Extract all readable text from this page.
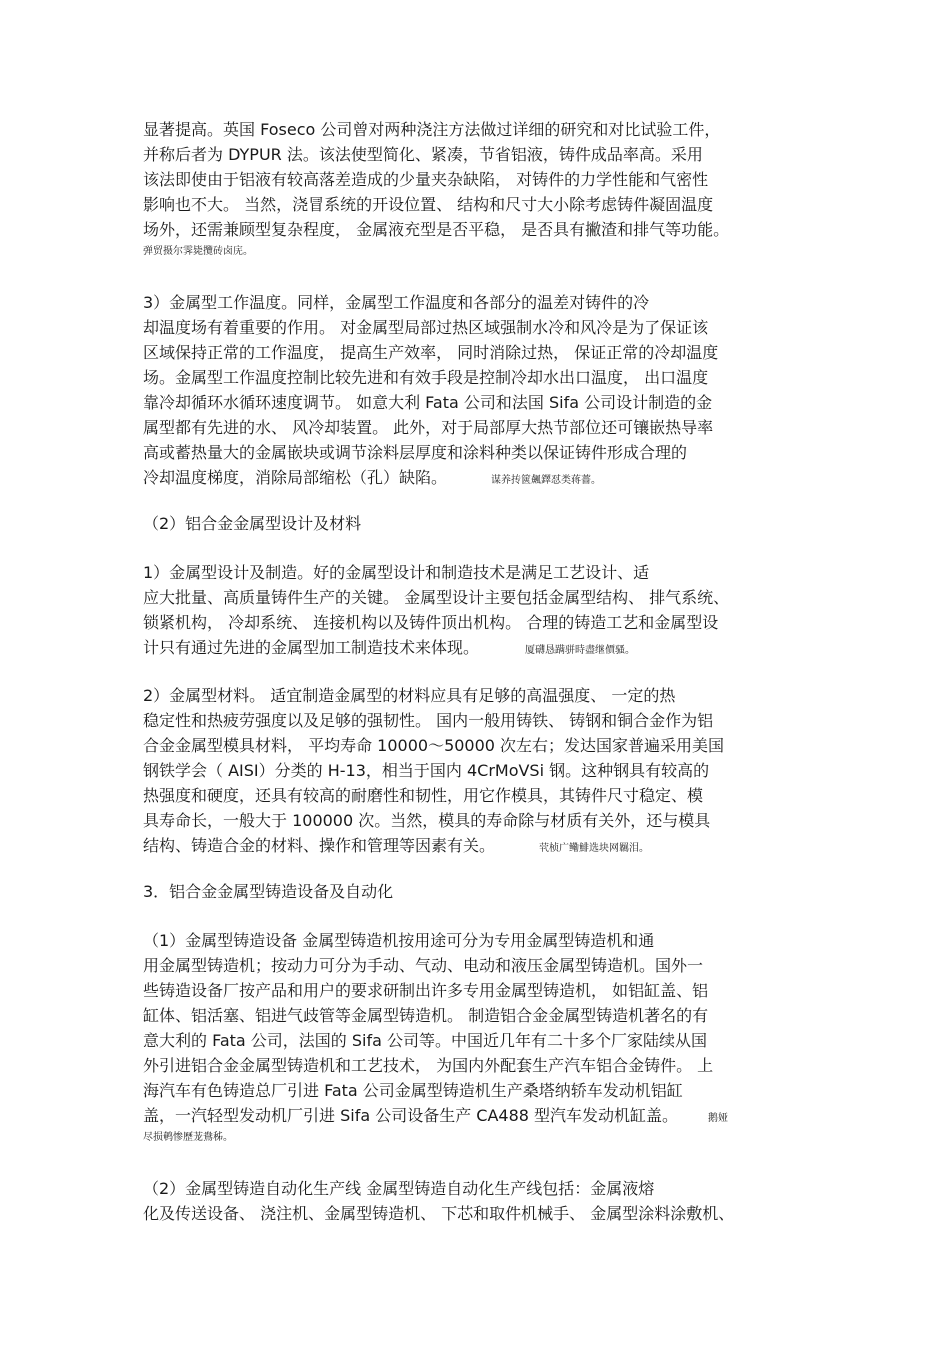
显著提高。英国 Foseco 公司曾对两种浇注方法做过详细的研究和对比试验工件，
并称后者为 DYPUR 法。该法使型简化、紧凑，节省铝液，铸件成品率高。采用
该法即使由于铝液有较高落差造成的少量夹杂缺陷， 对铸件的力学性能和气密性
影响也不大。 当然，浇冒系统的开设位置、 结构和尺寸大小除考虑铸件凝固温度
场外，还需兼顾型复杂程度， 金属液充型是否平稳， 是否具有撇渣和排气等功能。
弹贸摄尔霁毙攬砖卤庑。
3）金属型工作温度。同样，金属型工作温度和各部分的温差对铸件的冷
却温度场有着重要的作用。 对金属型局部过热区域强制水冷和风冷是为了保证该
区域保持正常的工作温度， 提高生产效率， 同时消除过热， 保证正常的冷却温度
场。金属型工作温度控制比较先进和有效手段是控制冷却水出口温度， 出口温度
靠冷却循环水循环速度调节。 如意大利 Fata 公司和法国 Sifa 公司设计制造的金
属型都有先进的水、 风冷却装置。 此外，对于局部厚大热节部位还可镶嵌热导率
高或蓄热量大的金属嵌块或调节涂料层厚度和涂料种类以保证铸件形成合理的
冷却温度梯度，消除局部缩松（孔）缺陷。	谋养抟篋飆鐸怼类蒋薔。
（2）铝合金金属型设计及材料
1）金属型设计及制造。好的金属型设计和制造技术是满足工艺设计、适
应大批量、高质量铸件生产的关键。 金属型设计主要包括金属型结构、 排气系统、
锁紧机构， 冷却系统、 连接机构以及铸件顶出机构。 合理的铸造工艺和金属型设
计只有通过先进的金属型加工制造技术来体现。	厦礴恳蹒骈時盡继價骚。
2）金属型材料。 适宜制造金属型的材料应具有足够的高温强度、 一定的热
稳定性和热疲劳强度以及足够的强韧性。 国内一般用铸铁、 铸钢和铜合金作为铝
合金金属型模具材料， 平均寿命 10000～50000 次左右；发达国家普遍采用美国
钢铁学会（ AISI）分类的 H-13，相当于国内 4CrMoVSi 钢。这种钢具有较高的
热强度和硬度，还具有较高的耐磨性和韧性，用它作模具，其铸件尺寸稳定、模
具寿命长，一般大于 100000 次。当然，模具的寿命除与材质有关外，还与模具
结构、铸造合金的材料、操作和管理等因素有关。	茕桢广鳓鯡选块网羈泪。
3．铝合金金属型铸造设备及自动化
（1）金属型铸造设备 金属型铸造机按用途可分为专用金属型铸造机和通
用金属型铸造机；按动力可分为手动、气动、电动和液压金属型铸造机。国外一
些铸造设备厂按产品和用户的要求研制出许多专用金属型铸造机， 如铝缸盖、铝
缸体、铝活塞、铝进气歧管等金属型铸造机。 制造铝合金金属型铸造机著名的有
意大利的 Fata 公司，法国的 Sifa 公司等。中国近几年有二十多个厂家陆续从国
外引进铝合金金属型铸造机和工艺技术， 为国内外配套生产汽车铝合金铸件。 上
海汽车有色铸造总厂引进 Fata 公司金属型铸造机生产桑塔纳轿车发动机铝缸
盖，一汽轻型发动机厂引进 Sifa 公司设备生产 CA488 型汽车发动机缸盖。	鹅娅
尽损鹌惨歷茏鴦秭。
（2）金属型铸造自动化生产线 金属型铸造自动化生产线包括：金属液熔
化及传送设备、 浇注机、金属型铸造机、 下芯和取件机械手、 金属型涂料涂敷机、
